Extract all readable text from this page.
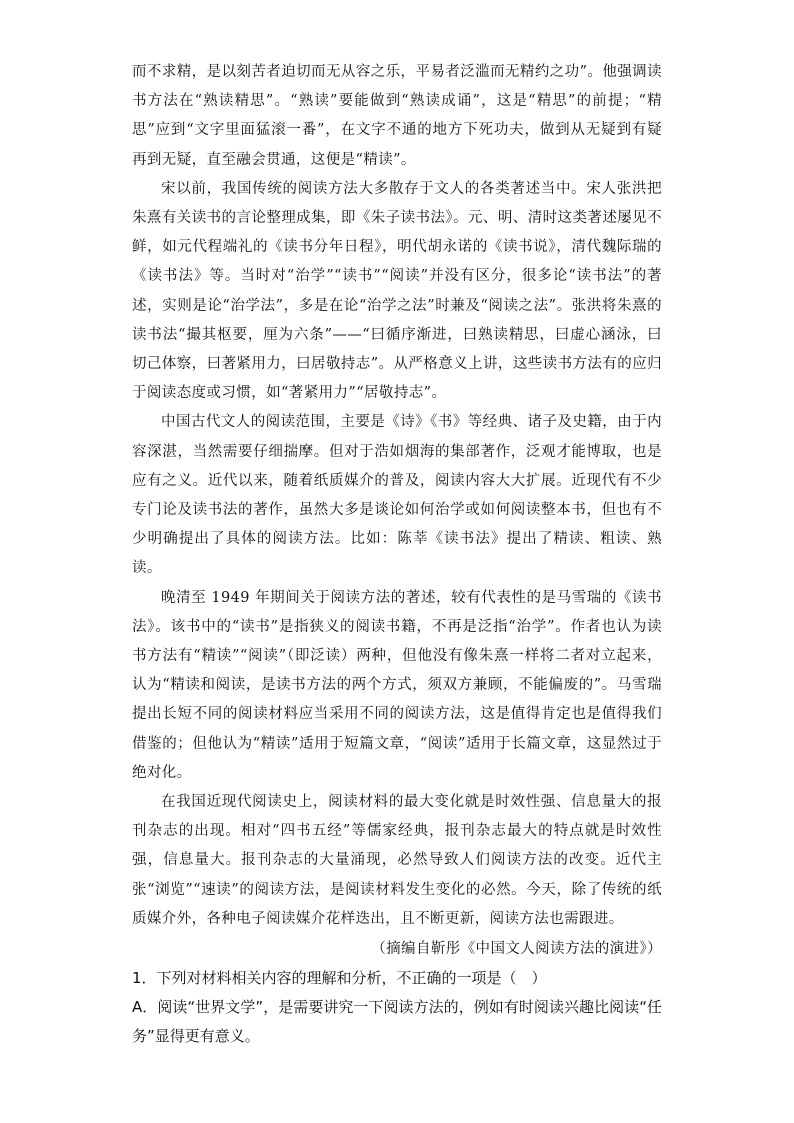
而不求精，是以刻苦者迫切而无从容之乐，平易者泛滥而无精约之功”。他强调读书方法在“熟读精思”。“熟读”要能做到“熟读成诵”，这是“精思”的前提；“精思”应到“文字里面猛滚一番”，在文字不通的地方下死功夫，做到从无疑到有疑再到无疑，直至融会贯通，这便是“精读”。

宋以前，我国传统的阅读方法大多散存于文人的各类著述当中。宋人张洪把朱熹有关读书的言论整理成集，即《朱子读书法》。元、明、清时这类著述屡见不鲜，如元代程端礼的《读书分年日程》，明代胡永诺的《读书说》，清代魏际瑞的《读书法》等。当时对“治学”“读书”“阅读”并没有区分，很多论“读书法”的著述，实则是论“治学法”，多是在论“治学之法”时兼及“阅读之法”。张洪将朱熹的读书法“撮其枢要，厘为六条”——“曰循序渐进，曰熟读精思，曰虚心涵泳，曰切己体察，曰著紧用力，曰居敬持志”。从严格意义上讲，这些读书方法有的应归于阅读态度或习惯，如“著紧用力”“居敬持志”。

中国古代文人的阅读范围，主要是《诗》《书》等经典、诸子及史籍，由于内容深湛，当然需要仔细揣摩。但对于浩如烟海的集部著作，泛观才能博取，也是应有之义。近代以来，随着纸质媒介的普及，阅读内容大大扩展。近现代有不少专门论及读书法的著作，虽然大多是谈论如何治学或如何阅读整本书，但也有不少明确提出了具体的阅读方法。比如：陈莘《读书法》提出了精读、粗读、熟读。

晚清至 1949 年期间关于阅读方法的著述，较有代表性的是马雪瑞的《读书法》。该书中的“读书”是指狭义的阅读书籍，不再是泛指“治学”。作者也认为读书方法有“精读”“阅读”（即泛读）两种，但他没有像朱熹一样将二者对立起来，认为“精读和阅读，是读书方法的两个方式，须双方兼顾，不能偏废的”。马雪瑞提出长短不同的阅读材料应当采用不同的阅读方法，这是值得肯定也是值得我们借鉴的；但他认为“精读”适用于短篇文章，“阅读”适用于长篇文章，这显然过于绝对化。

在我国近现代阅读史上，阅读材料的最大变化就是时效性强、信息量大的报刊杂志的出现。相对“四书五经”等儒家经典，报刊杂志最大的特点就是时效性强，信息量大。报刊杂志的大量涌现，必然导致人们阅读方法的改变。近代主张“浏览”“速读”的阅读方法，是阅读材料发生变化的必然。今天，除了传统的纸质媒介外，各种电子阅读媒介花样迭出，且不断更新，阅读方法也需跟进。

（摘编自靳彤《中国文人阅读方法的演进》）

1．下列对材料相关内容的理解和分析，不正确的一项是（　）

A．阅读“世界文学”，是需要讲究一下阅读方法的，例如有时阅读兴趣比阅读“任务”显得更有意义。
